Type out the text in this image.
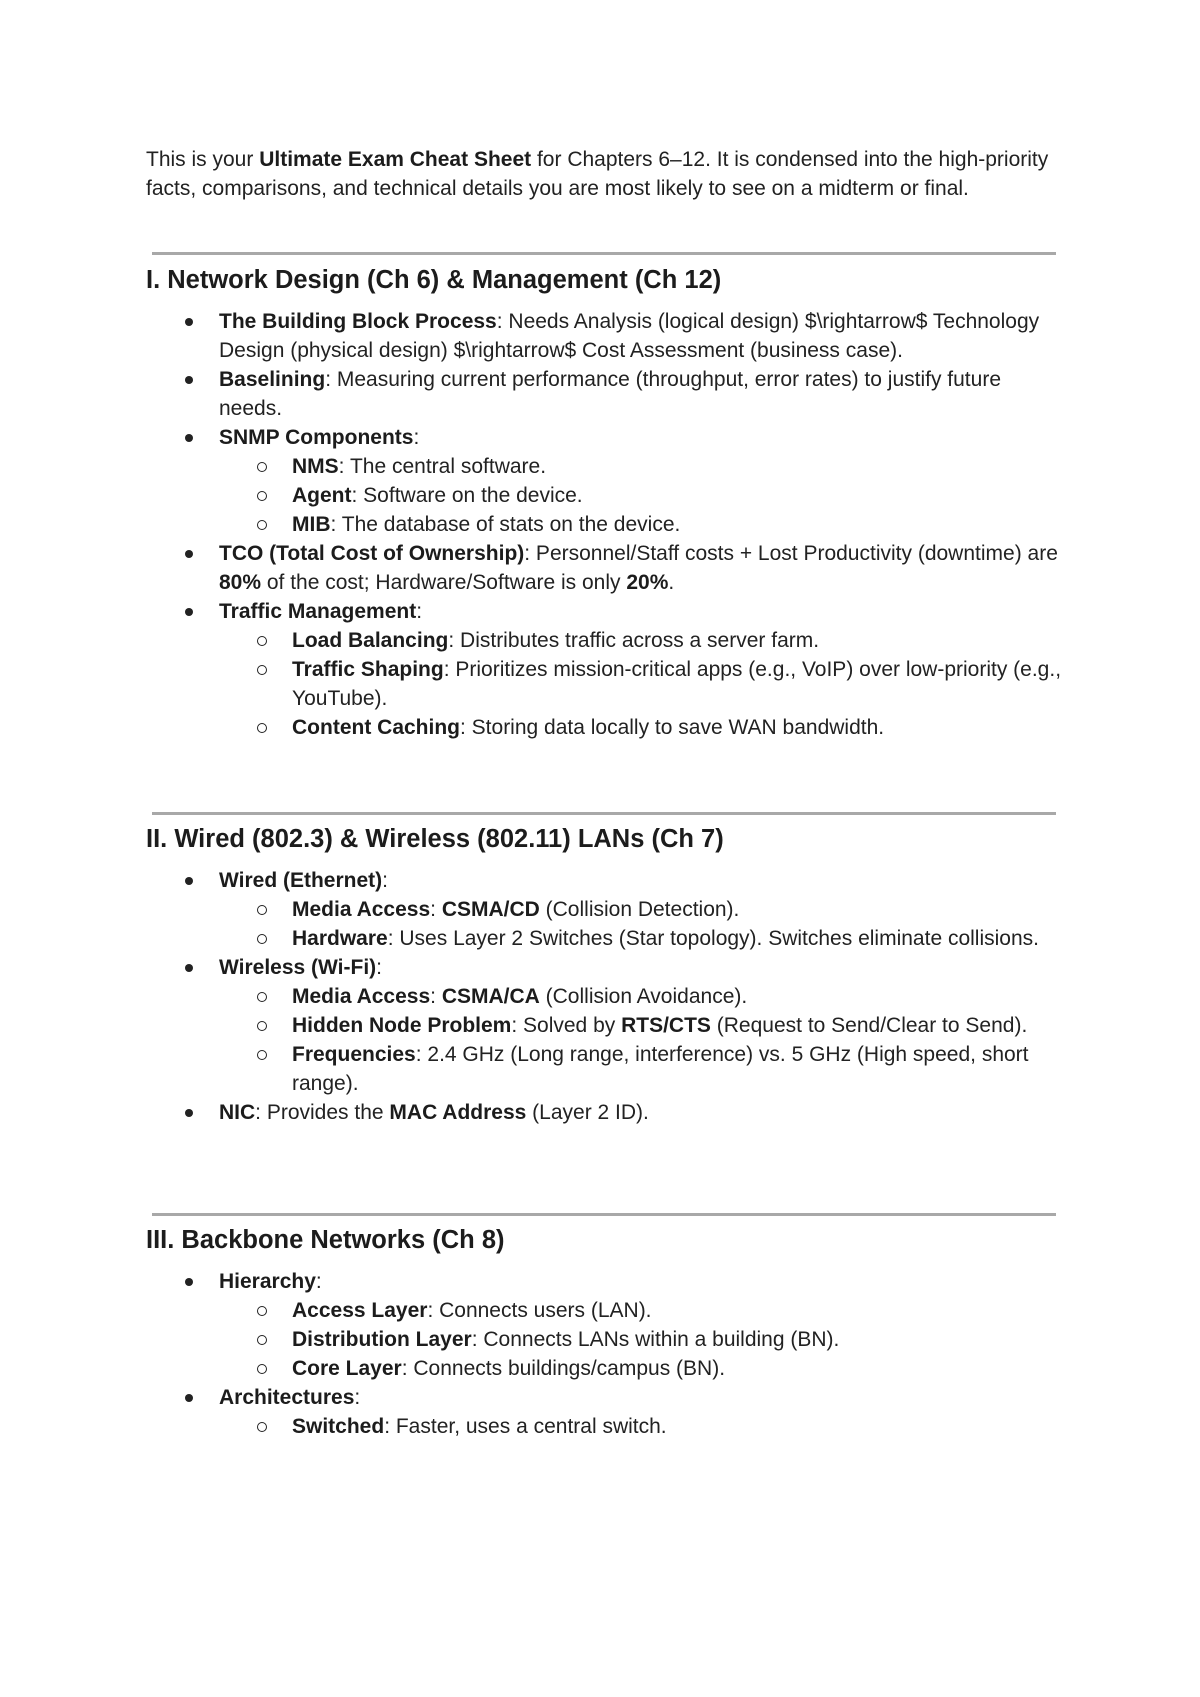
This is your Ultimate Exam Cheat Sheet for Chapters 6–12. It is condensed into the high-priority facts, comparisons, and technical details you are most likely to see on a midterm or final.

I. Network Design (Ch 6) & Management (Ch 12)
The Building Block Process: Needs Analysis (logical design) $\rightarrow$ Technology Design (physical design) $\rightarrow$ Cost Assessment (business case).
Baselining: Measuring current performance (throughput, error rates) to justify future needs.
SNMP Components:
NMS: The central software.
Agent: Software on the device.
MIB: The database of stats on the device.
TCO (Total Cost of Ownership): Personnel/Staff costs + Lost Productivity (downtime) are 80% of the cost; Hardware/Software is only 20%.
Traffic Management:
Load Balancing: Distributes traffic across a server farm.
Traffic Shaping: Prioritizes mission-critical apps (e.g., VoIP) over low-priority (e.g., YouTube).
Content Caching: Storing data locally to save WAN bandwidth.
II. Wired (802.3) & Wireless (802.11) LANs (Ch 7)
Wired (Ethernet):
Media Access: CSMA/CD (Collision Detection).
Hardware: Uses Layer 2 Switches (Star topology). Switches eliminate collisions.
Wireless (Wi-Fi):
Media Access: CSMA/CA (Collision Avoidance).
Hidden Node Problem: Solved by RTS/CTS (Request to Send/Clear to Send).
Frequencies: 2.4 GHz (Long range, interference) vs. 5 GHz (High speed, short range).
NIC: Provides the MAC Address (Layer 2 ID).
III. Backbone Networks (Ch 8)
Hierarchy:
Access Layer: Connects users (LAN).
Distribution Layer: Connects LANs within a building (BN).
Core Layer: Connects buildings/campus (BN).
Architectures:
Switched: Faster, uses a central switch.
